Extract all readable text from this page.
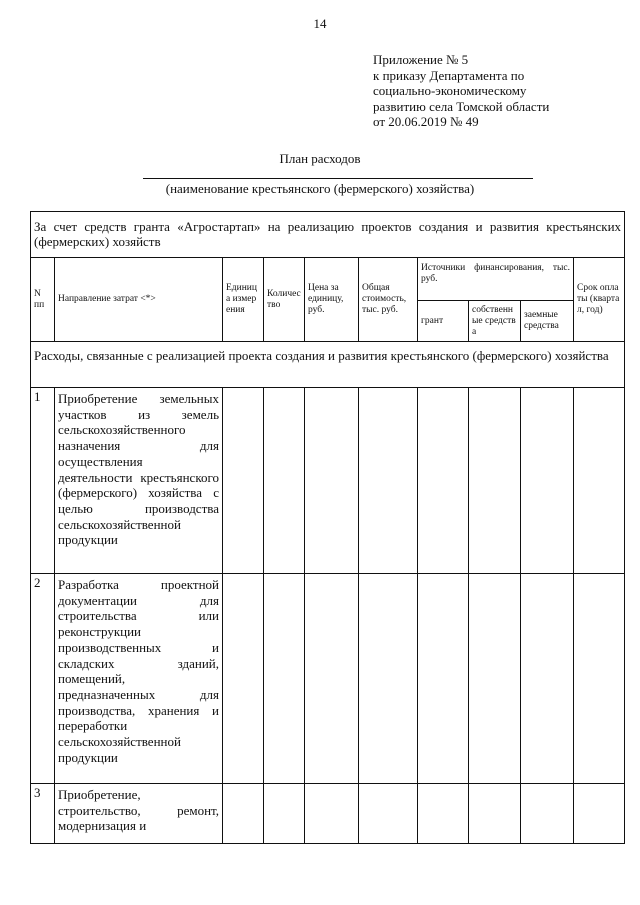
14
Приложение № 5
к приказу Департамента по
социально-экономическому
развитию села Томской области
от 20.06.2019 № 49
План расходов
(наименование крестьянского (фермерского) хозяйства)
За счет средств гранта «Агростартап» на реализацию проектов создания и развития крестьянских (фермерских) хозяйств									
N пп	Направление затрат <*>	Единица измерения	Количество	Цена за единицу, руб.	Общая стоимость, тыс. руб.	Источники финансирования, тыс. руб.			Срок оплаты (квартал, год)
						грант	собственные средства	заемные средства	
Расходы, связанные с реализацией проекта создания и развития крестьянского (фермерского) хозяйства									
1	Приобретение земельных участков из земель сельскохозяйственного назначения для осуществления деятельности крестьянского (фермерского) хозяйства с целью производства сельскохозяйственной продукции								
2	Разработка проектной документации для строительства или реконструкции производственных и складских зданий, помещений, предназначенных для производства, хранения и переработки сельскохозяйственной продукции								
3	Приобретение, строительство, ремонт, модернизация и								
